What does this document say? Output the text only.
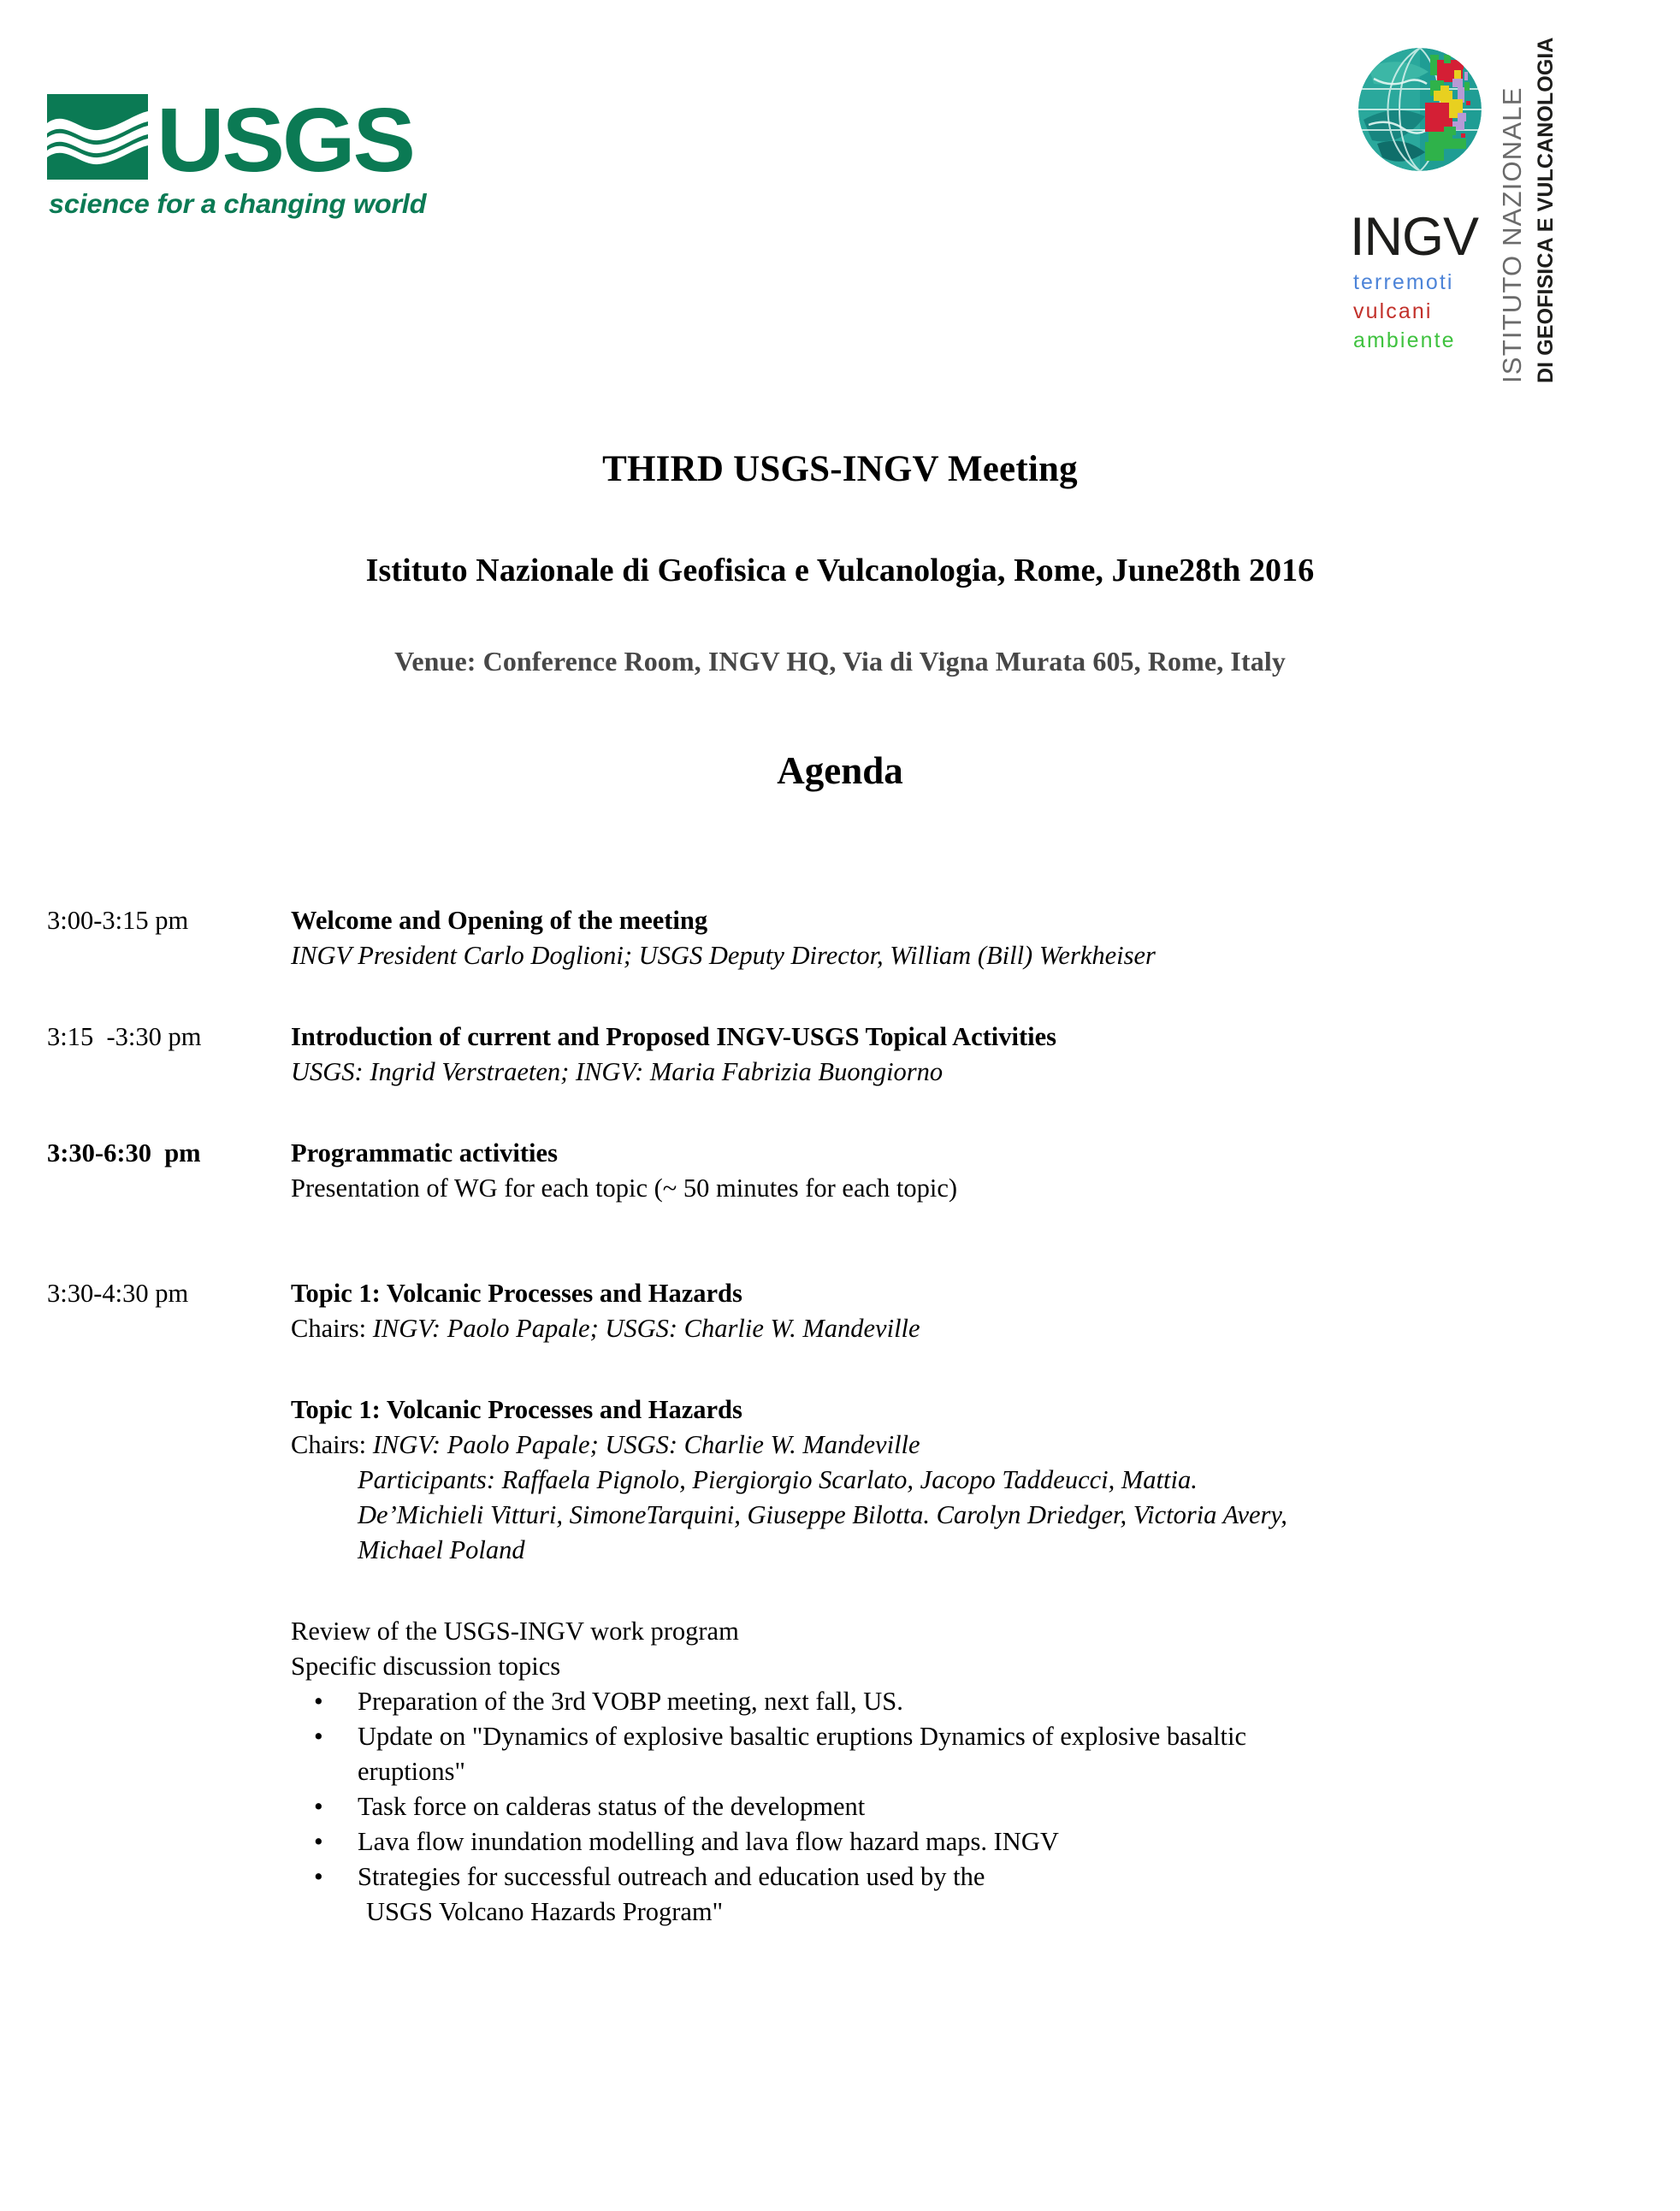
USGS
science for a changing world
INGV
terremoti
vulcani
ambiente ISTITUTO NAZIONALE DI GEOFISICA E VULCANOLOGIA
THIRD USGS-INGV Meeting
Istituto Nazionale di Geofisica e Vulcanologia, Rome, June28th 2016
Venue: Conference Room, INGV HQ, Via di Vigna Murata 605, Rome, Italy
Agenda
3:00-3:15 pm	Welcome and Opening of the meeting
INGV President Carlo Doglioni; USGS Deputy Director, William (Bill) Werkheiser
3:15  -3:30 pm	Introduction of current and Proposed INGV-USGS Topical Activities
USGS: Ingrid Verstraeten; INGV: Maria Fabrizia Buongiorno
3:30-6:30  pm	Programmatic activities
Presentation of WG for each topic (~ 50 minutes for each topic)
3:30-4:30 pm	Topic 1: Volcanic Processes and Hazards
Chairs: INGV: Paolo Papale; USGS: Charlie W. Mandeville
Topic 1: Volcanic Processes and Hazards
Chairs: INGV: Paolo Papale; USGS: Charlie W. Mandeville
Participants: Raffaela Pignolo, Piergiorgio Scarlato, Jacopo Taddeucci, Mattia.
De’Michieli Vitturi, SimoneTarquini, Giuseppe Bilotta. Carolyn Driedger, Victoria Avery,
Michael Poland
Review of the USGS-INGV work program
Specific discussion topics
• Preparation of the 3rd VOBP meeting, next fall, US.
• Update on "Dynamics of explosive basaltic eruptions Dynamics of explosive basaltic
eruptions"
• Task force on calderas status of the development
• Lava flow inundation modelling and lava flow hazard maps. INGV
• Strategies for successful outreach and education used by the
USGS Volcano Hazards Program"
